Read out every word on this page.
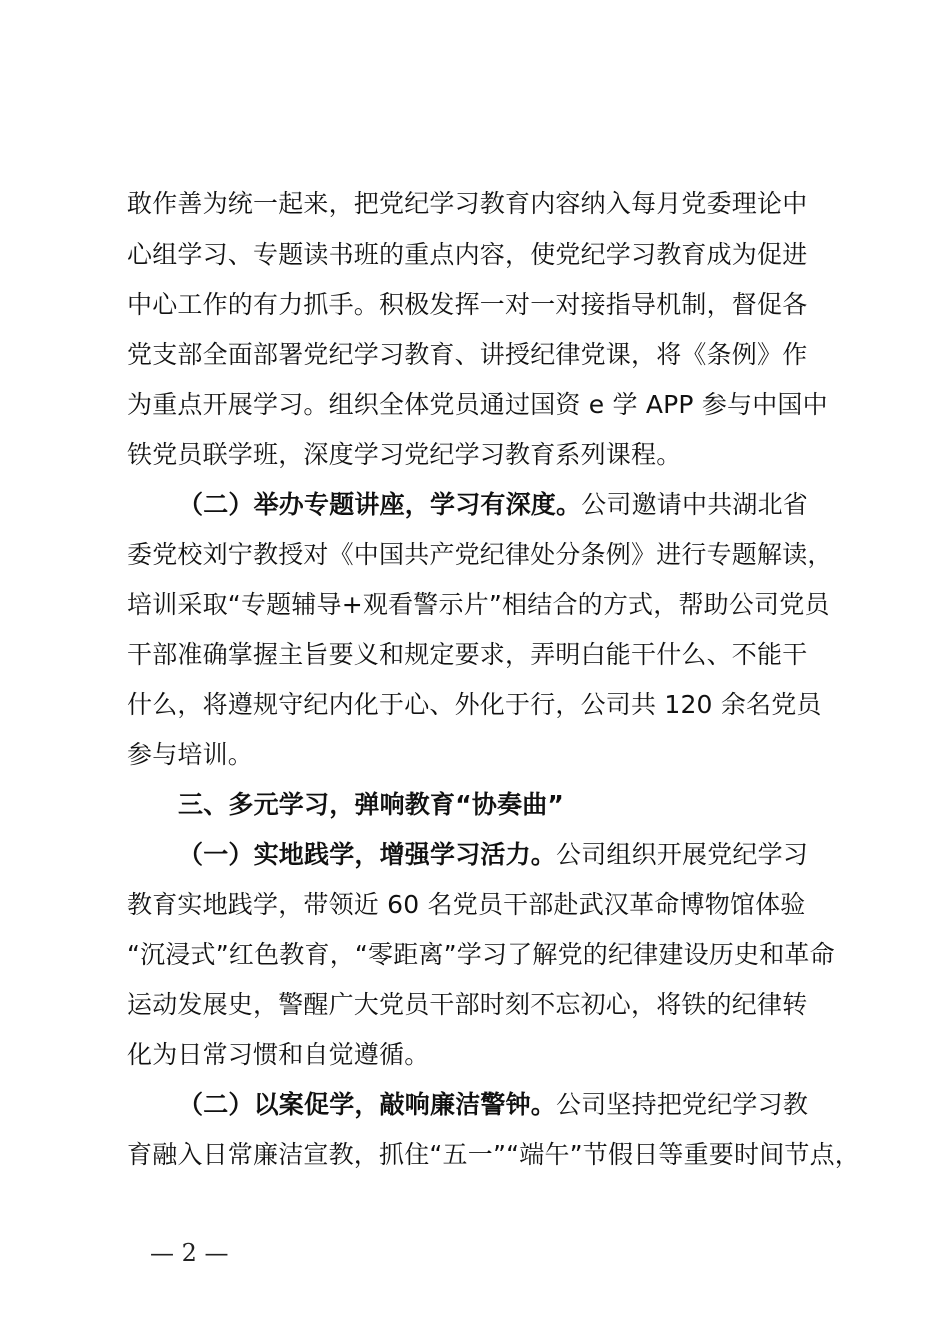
敢作善为统一起来，把党纪学习教育内容纳入每月党委理论中
心组学习、专题读书班的重点内容，使党纪学习教育成为促进
中心工作的有力抓手。积极发挥一对一对接指导机制，督促各
党支部全面部署党纪学习教育、讲授纪律党课，将《条例》作
为重点开展学习。组织全体党员通过国资 e 学 APP 参与中国中
铁党员联学班，深度学习党纪学习教育系列课程。
（二）举办专题讲座，学习有深度。公司邀请中共湖北省
委党校刘宁教授对《中国共产党纪律处分条例》进行专题解读，
培训采取“专题辅导+观看警示片”相结合的方式，帮助公司党员
干部准确掌握主旨要义和规定要求，弄明白能干什么、不能干
什么，将遵规守纪内化于心、外化于行，公司共 120 余名党员
参与培训。
三、多元学习，弹响教育“协奏曲”
（一）实地践学，增强学习活力。公司组织开展党纪学习
教育实地践学，带领近 60 名党员干部赴武汉革命博物馆体验
“沉浸式”红色教育，“零距离”学习了解党的纪律建设历史和革命
运动发展史，警醒广大党员干部时刻不忘初心，将铁的纪律转
化为日常习惯和自觉遵循。
（二）以案促学，敲响廉洁警钟。公司坚持把党纪学习教
育融入日常廉洁宣教，抓住“五一”“端午”节假日等重要时间节点，
— 2 —
